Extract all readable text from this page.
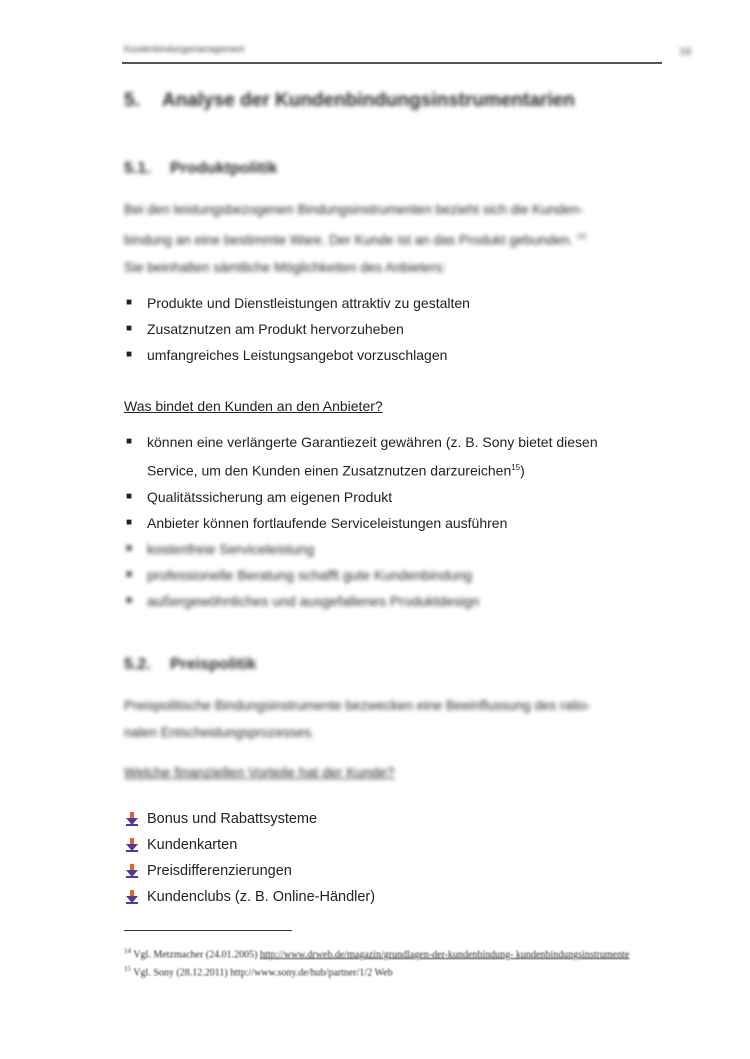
Kundenbindungsmanagement	10
5. Analyse der Kundenbindungsinstrumentarien
5.1. Produktpolitik
Bei den leistungsbezogenen Bindungsinstrumenten bezieht sich die Kunden-
bindung an eine bestimmte Ware. Der Kunde ist an das Produkt gebunden. $^{14}$
Sie beinhalten sämtliche Möglichkeiten des Anbieters:
■ Produkte und Dienstleistungen attraktiv zu gestalten
■ Zusatznutzen am Produkt hervorzuheben
■ umfangreiches Leistungsangebot vorzuschlagen
Was bindet den Kunden an den Anbieter?
■ können eine verlängerte Garantiezeit gewähren (z. B. Sony bietet diesen
Service, um den Kunden einen Zusatznutzen darzureichen$^{15}$)
■ Qualitätssicherung am eigenen Produkt
■ Anbieter können fortlaufende Serviceleistungen ausführen
■ kostenfreie Serviceleistung
■ professionelle Beratung schafft gute Kundenbindung
■ außergewöhnliches und ausgefallenes Produktdesign
5.2. Preispolitik
Preispolitische Bindungsinstrumente bezwecken eine Beeinflussung des ratio-
nalen Entscheidungsprozesses.
Welche finanziellen Vorteile hat der Kunde?
Bonus und Rabattsysteme
Kundenkarten
Preisdifferenzierungen
Kundenclubs (z. B. Online-Händler)
$^{14}$ Vgl. Metzmacher (24.01.2005) http://www.drweb.de/magazin/grundlagen-der-kundenbindung- kundenbindungsinstrumente
$^{15}$ Vgl. Sony (28.12.2011) http://www.sony.de/hub/partner/1/2 Web
